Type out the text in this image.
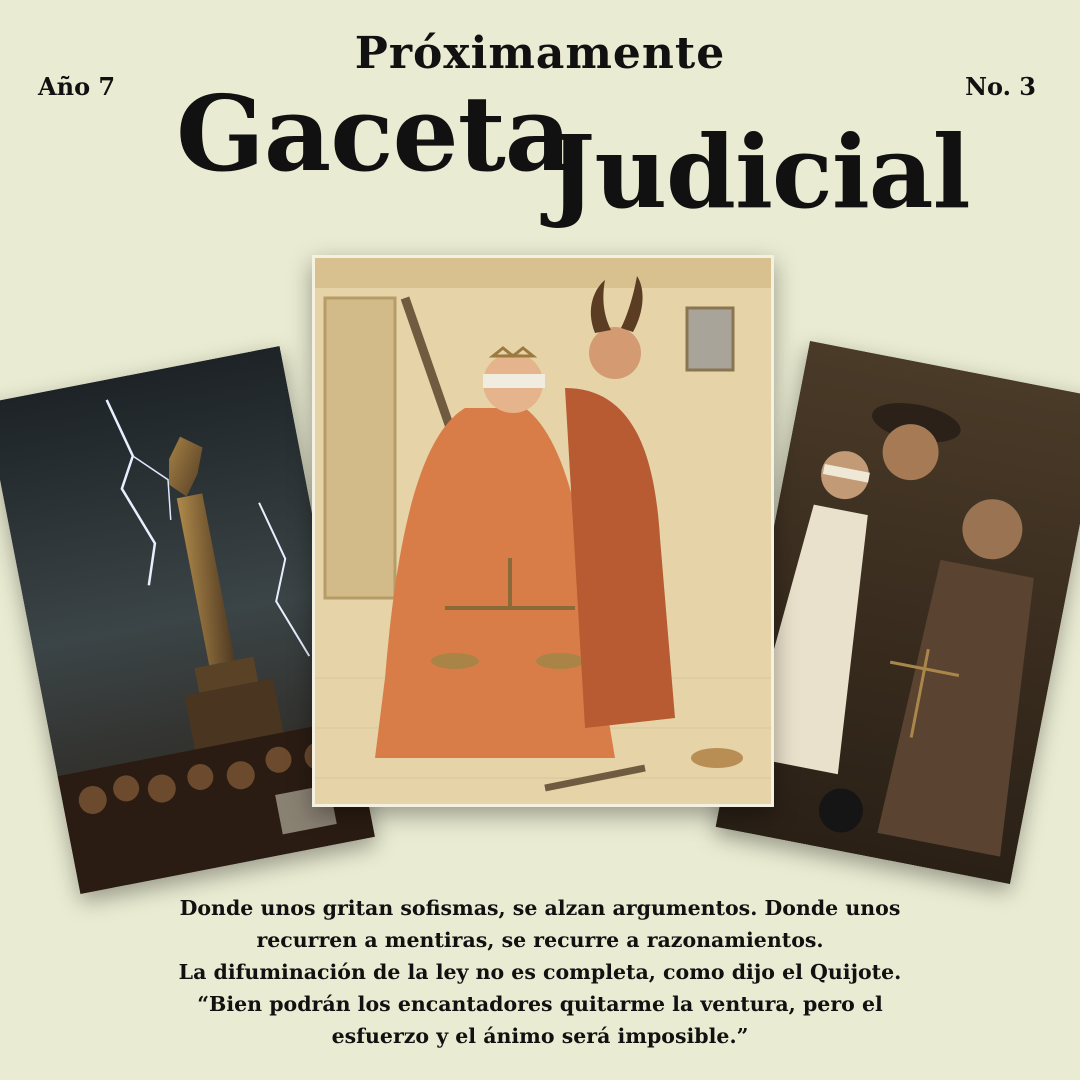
Próximamente
Año 7	No. 3
Gaceta
Judicial
Donde unos gritan sofismas, se alzan argumentos. Donde unos
recurren a mentiras, se recurre a razonamientos.
La difuminación de la ley no es completa, como dijo el Quijote.
“Bien podrán los encantadores quitarme la ventura, pero el
esfuerzo y el ánimo será imposible.”
